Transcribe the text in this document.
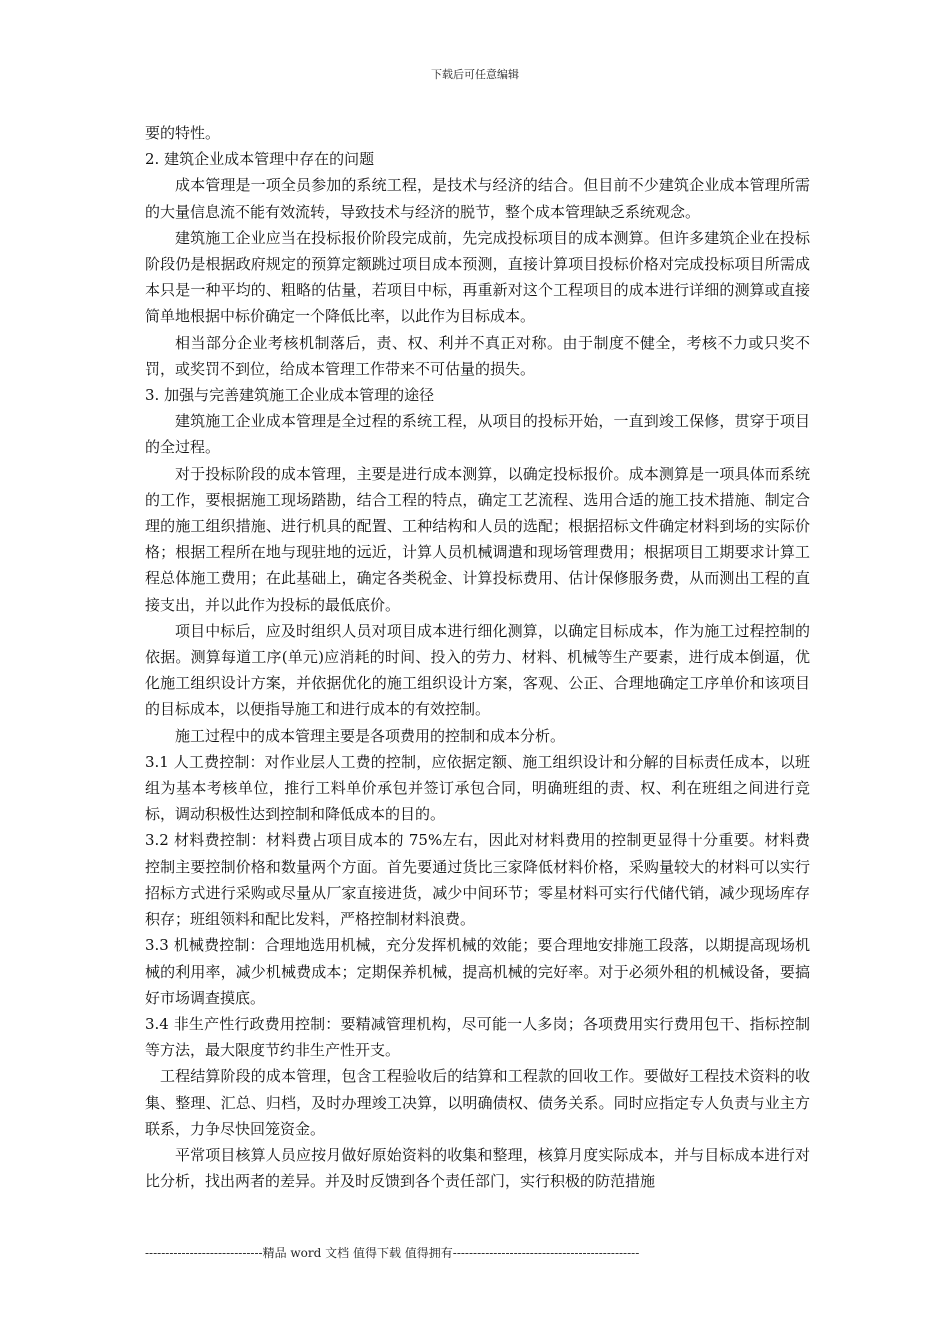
下载后可任意编辑

要的特性。

2. 建筑企业成本管理中存在的问题

成本管理是一项全员参加的系统工程，是技术与经济的结合。但目前不少建筑企业成本管理所需的大量信息流不能有效流转，导致技术与经济的脱节，整个成本管理缺乏系统观念。

建筑施工企业应当在投标报价阶段完成前，先完成投标项目的成本测算。但许多建筑企业在投标阶段仍是根据政府规定的预算定额跳过项目成本预测，直接计算项目投标价格对完成投标项目所需成本只是一种平均的、粗略的估量，若项目中标，再重新对这个工程项目的成本进行详细的测算或直接简单地根据中标价确定一个降低比率，以此作为目标成本。

相当部分企业考核机制落后，责、权、利并不真正对称。由于制度不健全，考核不力或只奖不罚，或奖罚不到位，给成本管理工作带来不可估量的损失。

3. 加强与完善建筑施工企业成本管理的途径

建筑施工企业成本管理是全过程的系统工程，从项目的投标开始，一直到竣工保修，贯穿于项目的全过程。

对于投标阶段的成本管理，主要是进行成本测算，以确定投标报价。成本测算是一项具体而系统的工作，要根据施工现场踏勘，结合工程的特点，确定工艺流程、选用合适的施工技术措施、制定合理的施工组织措施、进行机具的配置、工种结构和人员的选配；根据招标文件确定材料到场的实际价格；根据工程所在地与现驻地的远近，计算人员机械调遣和现场管理费用；根据项目工期要求计算工程总体施工费用；在此基础上，确定各类税金、计算投标费用、估计保修服务费，从而测出工程的直接支出，并以此作为投标的最低底价。

项目中标后，应及时组织人员对项目成本进行细化测算，以确定目标成本，作为施工过程控制的依据。测算每道工序(单元)应消耗的时间、投入的劳力、材料、机械等生产要素，进行成本倒逼，优化施工组织设计方案，并依据优化的施工组织设计方案，客观、公正、合理地确定工序单价和该项目的目标成本，以便指导施工和进行成本的有效控制。

施工过程中的成本管理主要是各项费用的控制和成本分析。

3.1 人工费控制：对作业层人工费的控制，应依据定额、施工组织设计和分解的目标责任成本，以班组为基本考核单位，推行工料单价承包并签订承包合同，明确班组的责、权、利在班组之间进行竞标，调动积极性达到控制和降低成本的目的。

3.2 材料费控制：材料费占项目成本的 75%左右，因此对材料费用的控制更显得十分重要。材料费控制主要控制价格和数量两个方面。首先要通过货比三家降低材料价格，采购量较大的材料可以实行招标方式进行采购或尽量从厂家直接进货，减少中间环节；零星材料可实行代储代销，减少现场库存积存；班组领料和配比发料，严格控制材料浪费。

3.3 机械费控制：合理地选用机械，充分发挥机械的效能；要合理地安排施工段落，以期提高现场机械的利用率，减少机械费成本；定期保养机械，提高机械的完好率。对于必须外租的机械设备，要搞好市场调查摸底。

3.4 非生产性行政费用控制：要精减管理机构，尽可能一人多岗；各项费用实行费用包干、指标控制等方法，最大限度节约非生产性开支。

工程结算阶段的成本管理，包含工程验收后的结算和工程款的回收工作。要做好工程技术资料的收集、整理、汇总、归档，及时办理竣工决算，以明确债权、债务关系。同时应指定专人负责与业主方联系，力争尽快回笼资金。

平常项目核算人员应按月做好原始资料的收集和整理，核算月度实际成本，并与目标成本进行对比分析，找出两者的差异。并及时反馈到各个责任部门，实行积极的防范措施

-----------------------------精品 word 文档 值得下载 值得拥有----------------------------------------------
